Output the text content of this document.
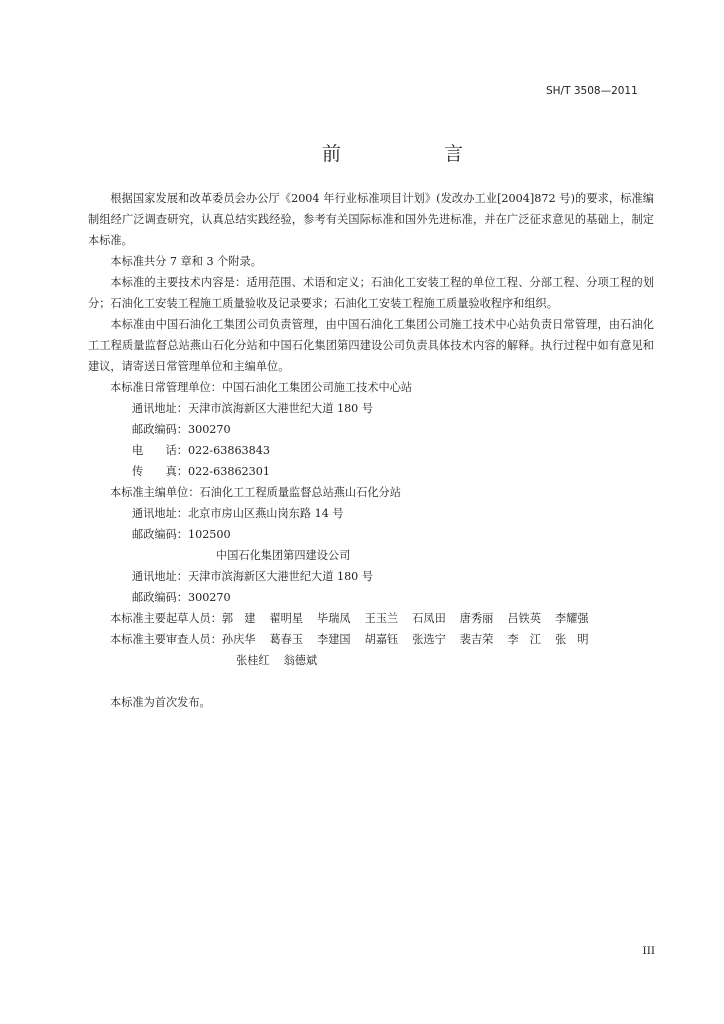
SH/T 3508—2011
前　言

根据国家发展和改革委员会办公厅《2004 年行业标准项目计划》(发改办工业[2004]872 号)的要求，标准编制组经广泛调查研究，认真总结实践经验，参考有关国际标准和国外先进标准，并在广泛征求意见的基础上，制定本标准。

本标准共分 7 章和 3 个附录。

本标准的主要技术内容是：适用范围、术语和定义；石油化工安装工程的单位工程、分部工程、分项工程的划分；石油化工安装工程施工质量验收及记录要求；石油化工安装工程施工质量验收程序和组织。

本标准由中国石油化工集团公司负责管理，由中国石油化工集团公司施工技术中心站负责日常管理，由石油化工工程质量监督总站燕山石化分站和中国石化集团第四建设公司负责具体技术内容的解释。执行过程中如有意见和建议，请寄送日常管理单位和主编单位。

本标准日常管理单位：中国石油化工集团公司施工技术中心站
通讯地址：天津市滨海新区大港世纪大道 180 号
邮政编码：300270
电　　话：022-63863843
传　　真：022-63862301
本标准主编单位：石油化工工程质量监督总站燕山石化分站
通讯地址：北京市房山区燕山岗东路 14 号
邮政编码：102500
中国石化集团第四建设公司
通讯地址：天津市滨海新区大港世纪大道 180 号
邮政编码：300270
本标准主要起草人员：郭　建 翟明星 毕瑞凤 王玉兰 石凤田 唐秀丽 吕铁英 李耀强
本标准主要审查人员：孙庆华 葛春玉 李建国 胡嘉钰 张选宁 裴吉荣 李　江 张　明
张桂红 翁德斌
本标准为首次发布。
III
